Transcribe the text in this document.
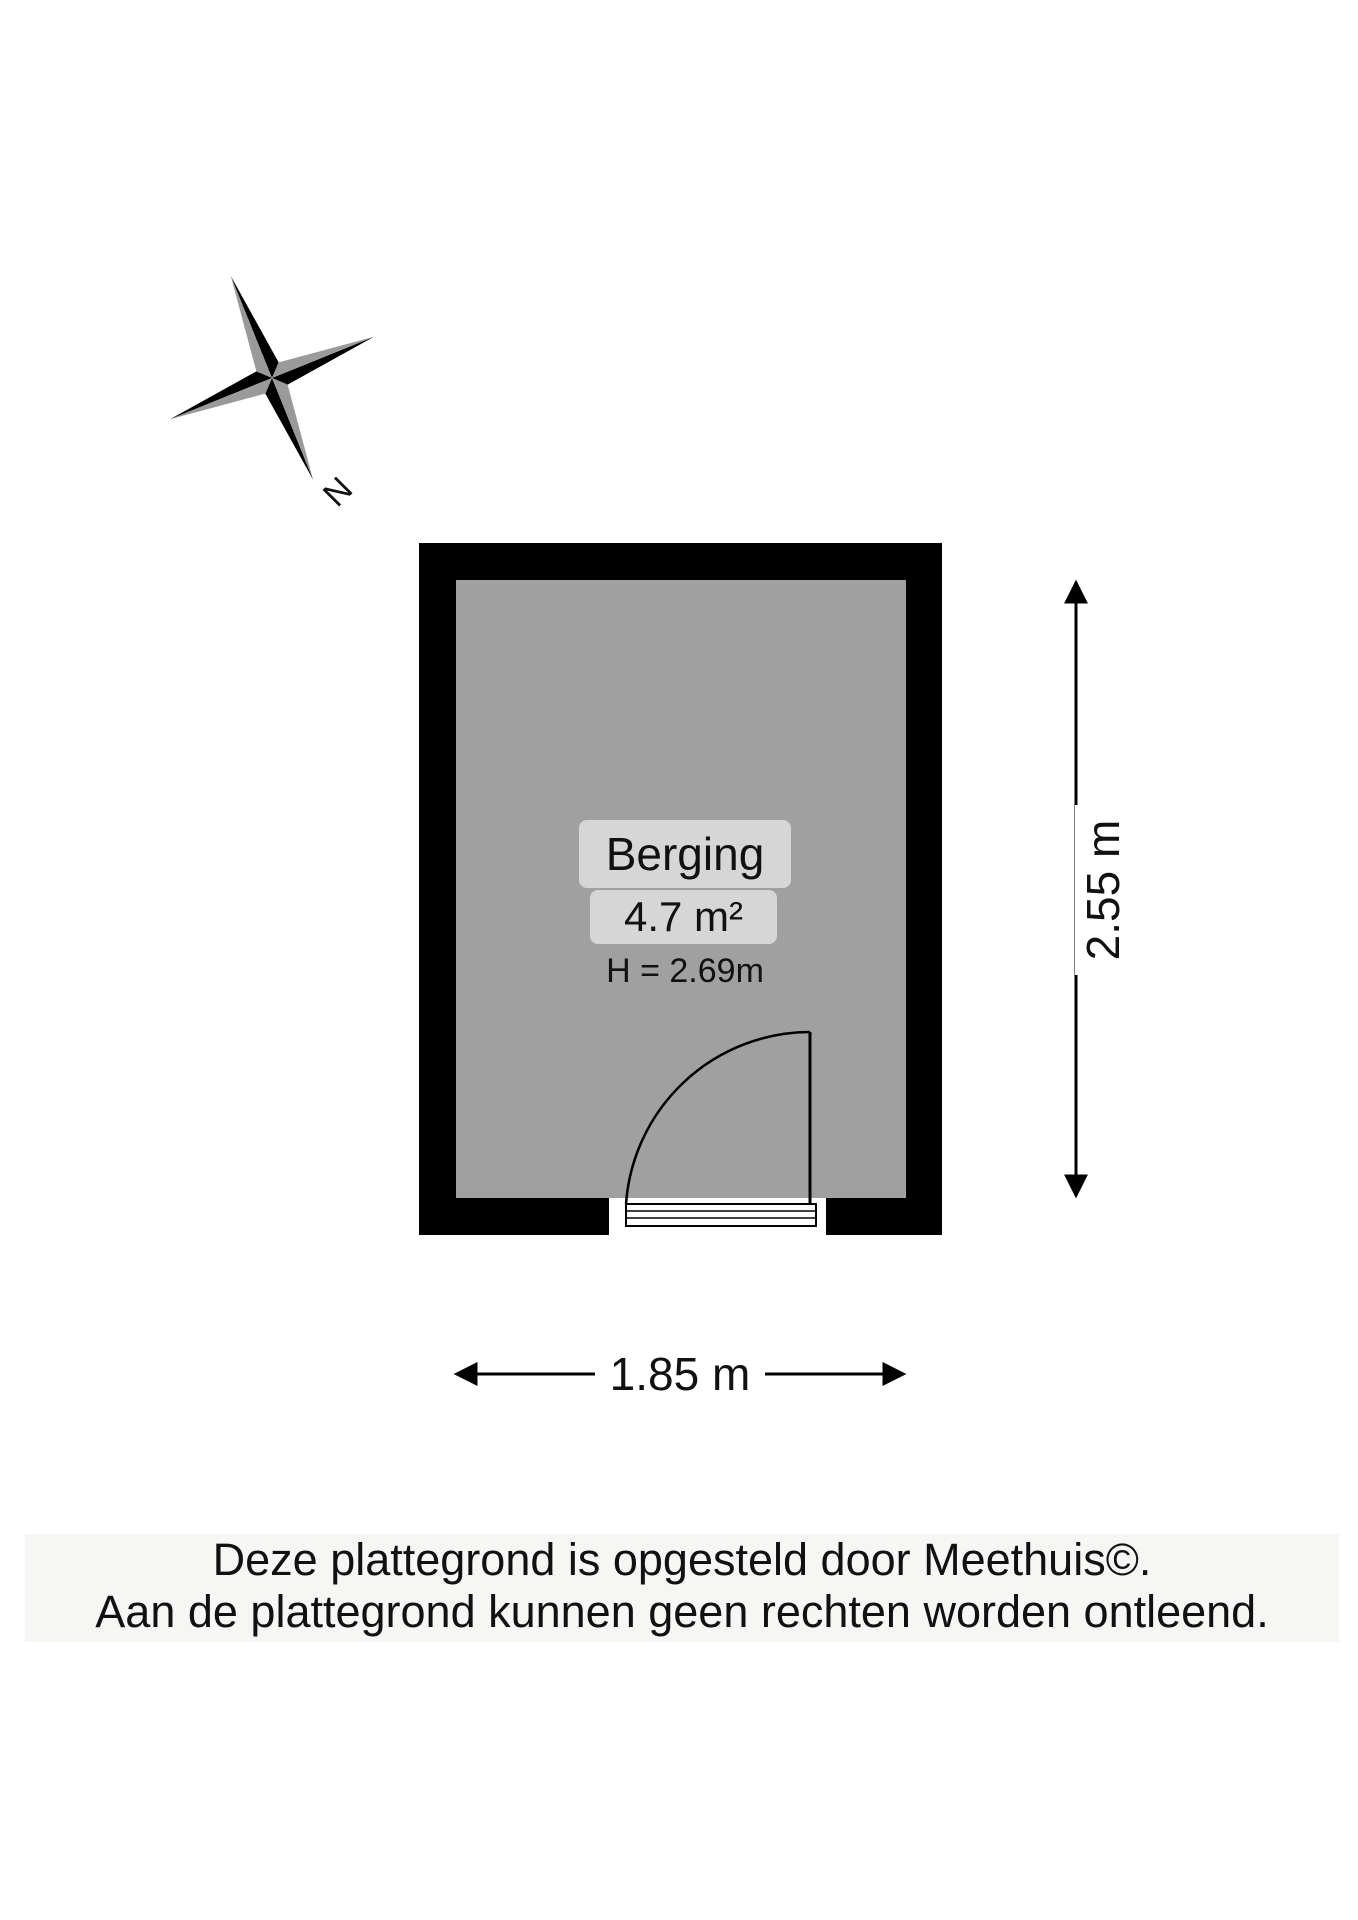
N
Berging
4.7 m²
H = 2.69m
1.85 m
2.55 m
Deze plattegrond is opgesteld door Meethuis©.
Aan de plattegrond kunnen geen rechten worden ontleend.
